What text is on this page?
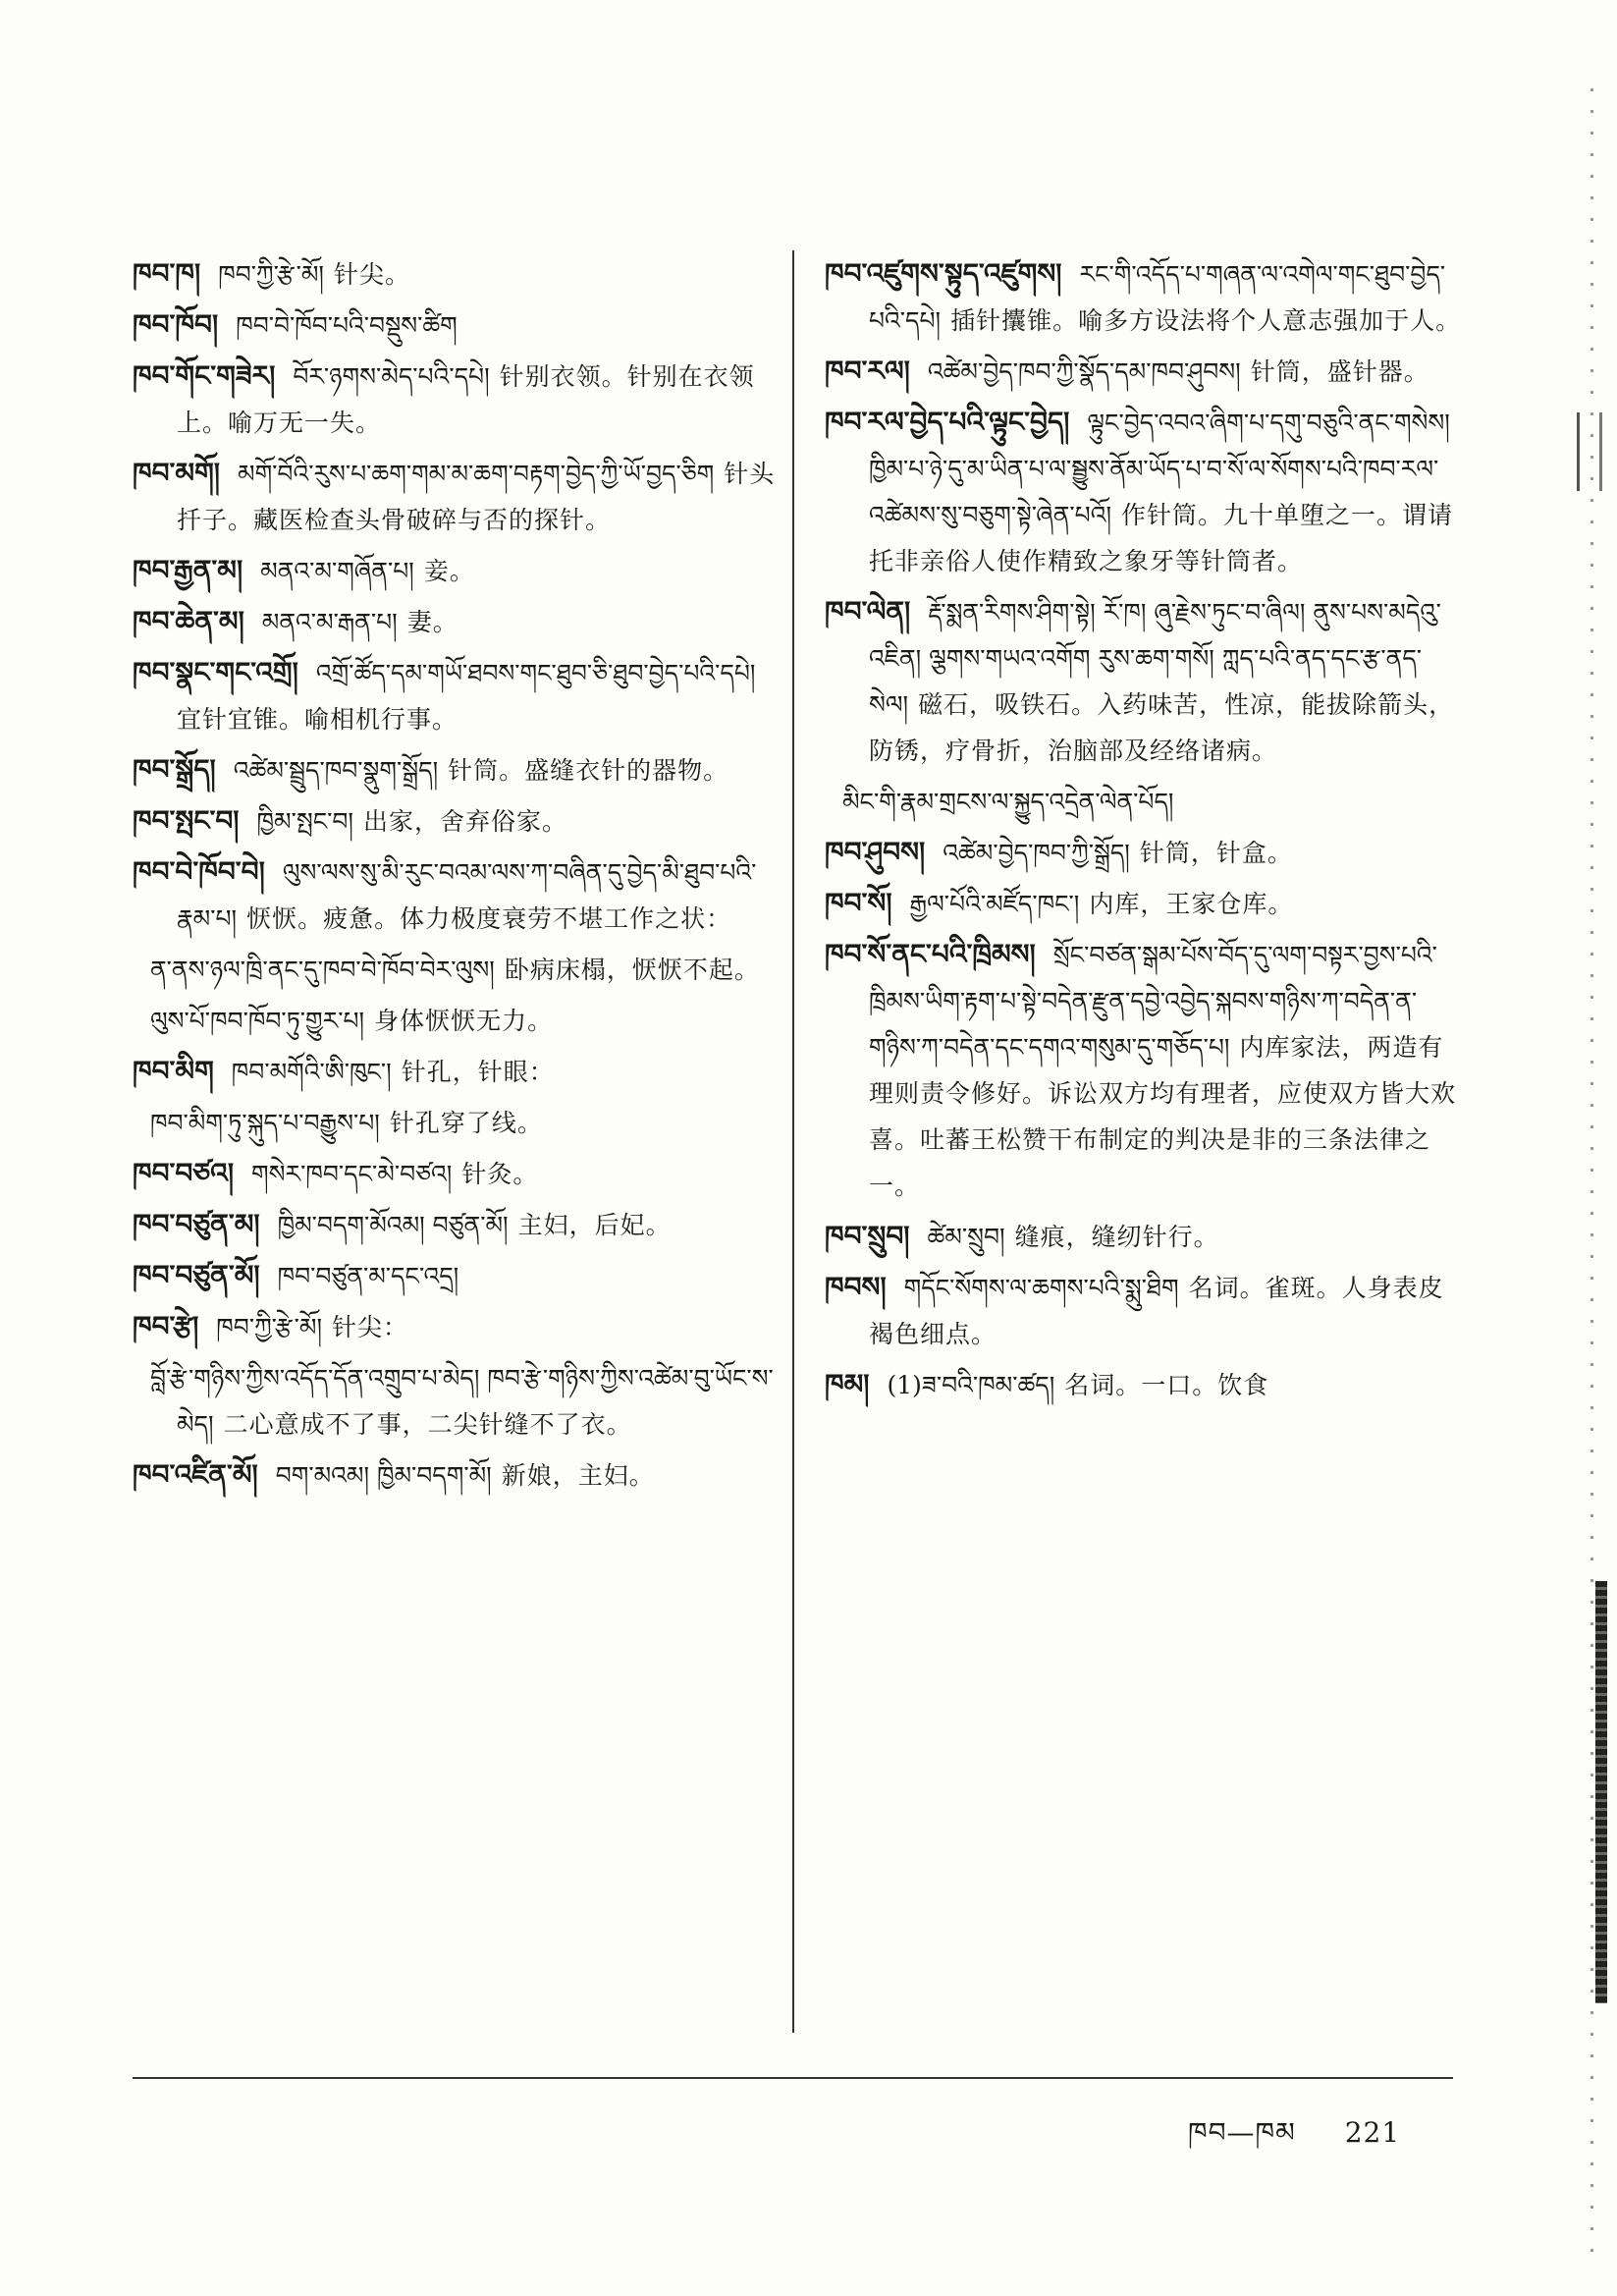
ཁབ་ཁ། ཁབ་ཀྱི་རྩེ་མོ། 针尖。
ཁབ་ཁོབ། ཁབ་བེ་ཁོབ་པའི་བསྡུས་ཚིག
ཁབ་གོང་གཟེར། བོར་ཉགས་མེད་པའི་དཔེ། 针别衣领。针别在衣领上。喻万无一失。
ཁབ་མགོ། མགོ་བོའི་རུས་པ་ཆག་གམ་མ་ཆག་བརྟག་བྱེད་ཀྱི་ཡོ་བྱད་ཅིག 针头扦子。藏医检查头骨破碎与否的探针。
ཁབ་རྒྱན་མ། མནའ་མ་གཞོན་པ། 妾。
ཁབ་ཆེན་མ། མནའ་མ་རྒན་པ། 妻。
ཁབ་སྣང་གང་འགྲོ། འགྲོ་ཚོད་དམ་གཡོ་ཐབས་གང་ཐུབ་ཅི་ཐུབ་བྱེད་པའི་དཔེ།宜针宜锥。喻相机行事。
ཁབ་སྒྲོད། འཚེམ་སྦྲུད་ཁབ་སྣུག་སྒྲོད། 针筒。盛缝衣针的器物。
ཁབ་སྤང་བ། ཁྱིམ་སྤང་བ། 出家，舍弃俗家。
ཁབ་བེ་ཁོབ་བེ། ལུས་ལས་སུ་མི་རུང་བའམ་ལས་ཀ་བཞིན་དུ་བྱེད་མི་ཐུབ་པའི་རྣམ་པ། 恹恹。疲惫。体力极度衰劳不堪工作之状：
ན་ནས་ཉལ་ཁྲི་ནང་དུ་ཁབ་བེ་ཁོབ་བེར་ལུས། 卧病床榻，恹恹不起。
ལུས་པོ་ཁབ་ཁོབ་ཏུ་གྱུར་པ། 身体恹恹无力。
ཁབ་མིག ཁབ་མགོའི་ཨི་ཁུང་། 针孔，针眼：
ཁབ་མིག་ཏུ་སྐུད་པ་བརྒྱུས་པ། 针孔穿了线。
ཁབ་བཙའ། གསེར་ཁབ་དང་མེ་བཙའ། 针灸。
ཁབ་བཙུན་མ། ཁྱིམ་བདག་མོའམ། བཙུན་མོ། 主妇，后妃。
ཁབ་བཙུན་མོ། ཁབ་བཙུན་མ་དང་འདྲ།
ཁབ་རྩེ། ཁབ་ཀྱི་རྩེ་མོ། 针尖：
བློ་རྩེ་གཉིས་ཀྱིས་འདོད་དོན་འགྲུབ་པ་མེད། ཁབ་རྩེ་གཉིས་ཀྱིས་འཚེམ་བུ་ཡོང་ས་མེད། 二心意成不了事，二尖针缝不了衣。
ཁབ་འཛིན་མོ། བག་མའམ། ཁྱིམ་བདག་མོ། 新娘，主妇。
ཁབ་འཛུགས་སྟུད་འཛུགས། རང་གི་འདོད་པ་གཞན་ལ་འགེལ་གང་ཐུབ་བྱེད་པའི་དཔེ། 插针攮锥。喻多方设法将个人意志强加于人。
ཁབ་རལ། འཚེམ་བྱེད་ཁབ་ཀྱི་སྣོད་དམ་ཁབ་ཤུབས། 针筒，盛针器。
ཁབ་རལ་བྱེད་པའི་ལྟུང་བྱེད། ལྟུང་བྱེད་འབའ་ཞིག་པ་དགུ་བཅུའི་ནང་གསེས། ཁྱིམ་པ་ཉེ་དུ་མ་ཡིན་པ་ལ་སྦྱུས་ནོམ་ཡོད་པ་བ་སོ་ལ་སོགས་པའི་ཁབ་རལ་འཚེམས་སུ་བཅུག་སྟེ་ཞེན་པའོ། 作针筒。九十单堕之一。谓请托非亲俗人使作精致之象牙等针筒者。
ཁབ་ལེན། རྡོ་སྨན་རིགས་ཤིག་སྟེ། རོ་ཁ། ཞུ་རྗེས་ཏུང་བ་ཞིལ། ནུས་པས་མདེའུ་འཇིན། ལྕགས་གཡའ་འགོག རུས་ཆག་གསོ། ཀླད་པའི་ནད་དང་རྩ་ནད་སེལ། 磁石，吸铁石。入药味苦，性凉，能拔除箭头，防锈，疗骨折，治脑部及经络诸病。
མིང་གི་རྣམ་གྲངས་ལ་སྐྱུད་འདྲེན་ལེན་པོད།
ཁབ་ཤུབས། འཚེམ་བྱེད་ཁབ་ཀྱི་སྒྲོད། 针筒，针盒。
ཁབ་སོ། རྒྱལ་པོའི་མཛོད་ཁང་། 内库，王家仓库。
ཁབ་སོ་ནང་པའི་ཁྲིམས། སྲོང་བཙན་སྒམ་པོས་བོད་དུ་ལག་བསྟར་བྱས་པའི་ཁྲིམས་ཡིག་རྟག་པ་སྟེ་བདེན་རྫུན་དབྱེ་འབྱེད་སྐབས་གཉིས་ཀ་བདེན་ན་གཉིས་ཀ་བདེན་དང་དགའ་གསུམ་དུ་གཅོད་པ། 内库家法，两造有理则责令修好。诉讼双方均有理者，应使双方皆大欢喜。吐蕃王松赞干布制定的判决是非的三条法律之一。
ཁབ་སྲུབ། ཚེམ་སྲུབ། 缝痕，缝纫针行。
ཁབས། གདོང་སོགས་ལ་ཆགས་པའི་སྨུ་ཐིག 名词。雀斑。人身表皮褐色细点。
ཁམ། (1)ཟ་བའི་ཁམ་ཚད། 名词。一口。饮食
ཁབ—ཁམ 221
